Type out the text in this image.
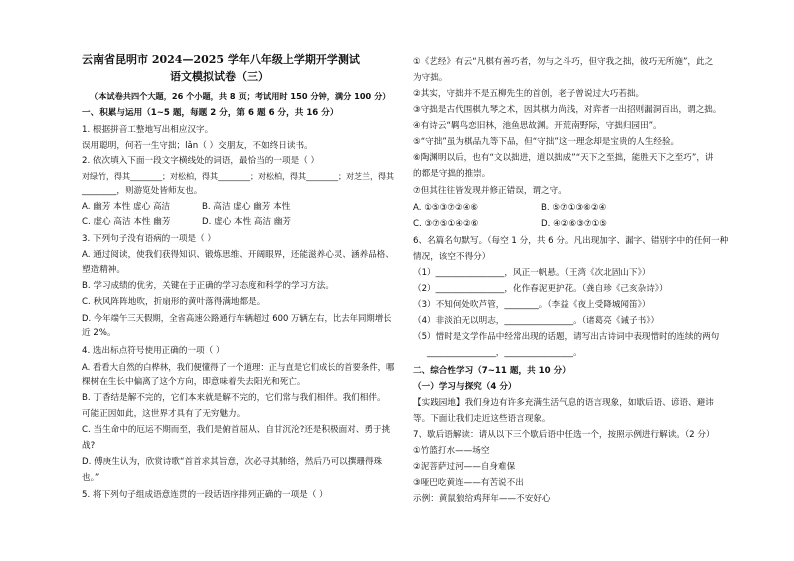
云南省昆明市 2024—2025 学年八年级上学期开学测试
语文模拟试卷（三）
（本试卷共四个大题，26 个小题，共 8 页；考试用时 150 分钟，满分 100 分）
一、积累与运用（1~5 题，每题 2 分，第 6 题 6 分，共 16 分）
1. 根据拼音工整地写出相应汉字。
误用聪明，何若一生守拙；lǎn（ ）交朋友，不如终日读书。
2. 依次填入下面一段文字横线处的词语，最恰当的一项是（ ）
对绿竹，得其________；对松柏，得其________；对松柏，得其________；对芝兰，得其
________，则游览处皆师友也。
A. 幽芳 本性 虚心 高洁	B. 高洁 虚心 幽芳 本性
C. 虚心 高洁 本性 幽芳	D. 虚心 本性 高洁 幽芳
3. 下列句子没有语病的一项是（ ）
A. 通过阅读，使我们获得知识、锻炼思维、开阔眼界，还能滋养心灵、涵养品格、
塑造精神。
B. 学习成绩的优劣，关键在于正确的学习态度和科学的学习方法。
C. 秋风阵阵地吹，折扇形的黄叶落得满地都是。
D. 今年端午三天假期，全省高速公路通行车辆超过 600 万辆左右，比去年同期增长
近 2%。
4. 选出标点符号使用正确的一项（ ）
A. 看看大自然的白桦林，我们便懂得了一个道理：正与直是它们成长的首要条件，哪
棵树在生长中偏离了这个方向，即意味着失去阳光和死亡。
B. 丁香结是解不完的，它们本来就是解不完的，它们常与我们相伴。我们相伴。
可能正因如此，这世界才具有了无穷魅力。
C. 当生命中的厄运不期而至，我们是俯首屈从、自甘沉沦?还是积极面对、勇于挑
战?
D. 傅庚生认为，欣赏诗歌“首首求其旨意，次必寻其肺络，然后乃可以撰珊得珠
也。”
5. 将下列句子组成语意连贯的一段话语序排列正确的一项是（ ）
①《艺经》有云“凡棋有善巧者，勿与之斗巧，但守我之拙，彼巧无所施”，此之
为守拙。
②其实，守拙并不是五柳先生的首创，老子曾说过大巧若拙。
③守拙是古代围棋九琴之术，因其棋力尚浅，对弈者一出招则漏洞百出，谓之拙。
④有诗云“羁鸟恋旧林，池鱼思故渊。开荒南野际，守拙归园田”。
⑤“守拙”虽为棋品九等下品，但“守拙”这一理念却是宝贵的人生经验。
⑥陶渊明以后，也有“文以拙进，道以拙成”“天下之至拙，能胜天下之至巧”，讲
的都是守拙的推崇。
⑦但其往往皆发现并修正错误，谓之守。
A. ①⑤③⑦②④⑥	B. ⑤⑦①③⑥②④
C. ③⑦⑤①④②⑥	D. ④②⑥③⑦①⑤
6、名篇名句默写。（每空 1 分，共 6 分。凡出现加字、漏字、错别字中的任何一种
情况，该空不得分）
（1）________________，风正一帆悬。（王湾《次北固山下》）
（2）________________，化作春泥更护花。（龚自珍《己亥杂诗》）
（3）不知何处吹芦管，________。（李益《夜上受降城闻笛》）
（4）非淡泊无以明志，________________。（诸葛亮《诫子书》）
（5）惜时是文学作品中经常出现的话题，请写出古诗词中表现惜时的连续的两句
________________，________________。
二、综合性学习（7~11 题，共 10 分）
（一）学习与探究（4 分）
【实践园地】我们身边有许多充满生活气息的语言现象，如歇后语、谚语、避讳
等。下面让我们走近这些语言现象。
7、歇后语解读：请从以下三个歇后语中任选一个，按照示例进行解读。（2 分）
①竹篮打水——场空
②泥菩萨过河——自身难保
③哑巴吃黄连——有苦说不出
示例：黄鼠狼给鸡拜年——不安好心
